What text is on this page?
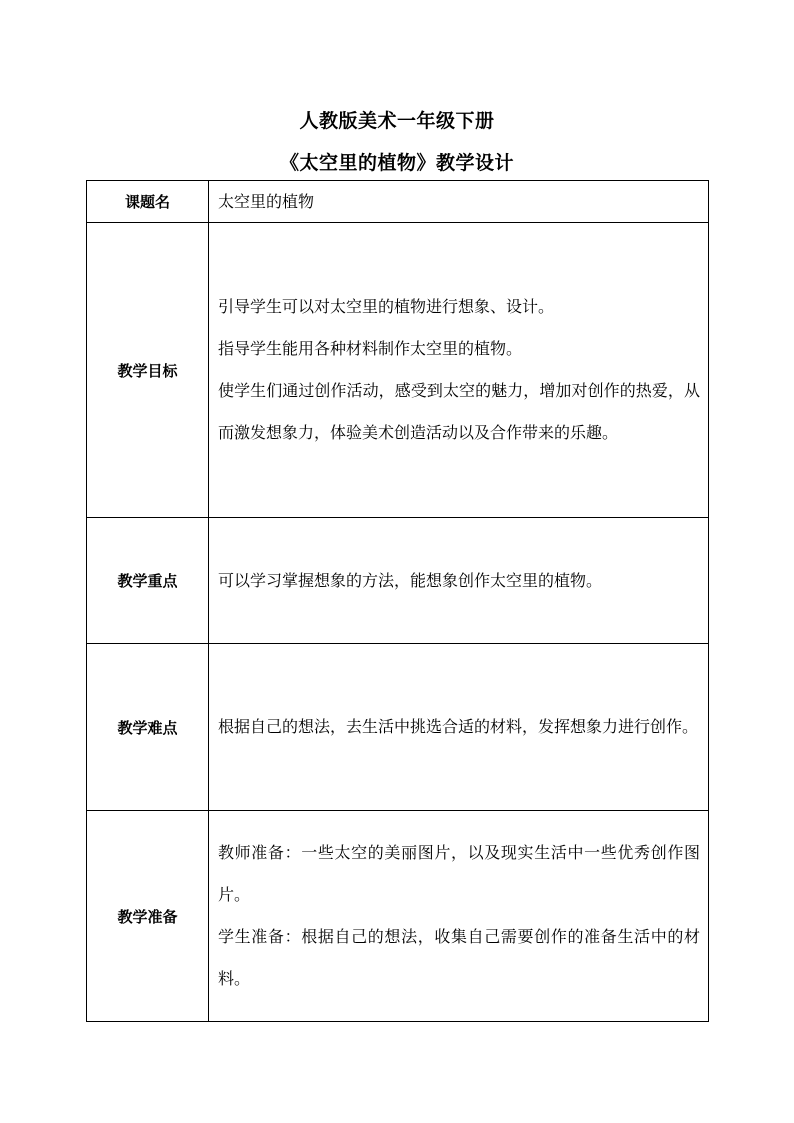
人教版美术一年级下册
《太空里的植物》教学设计
课题名	太空里的植物

教学目标	引导学生可以对太空里的植物进行想象、设计。

指导学生能用各种材料制作太空里的植物。

使学生们通过创作活动，感受到太空的魅力，增加对创作的热爱，从而激发想象力，体验美术创造活动以及合作带来的乐趣。

教学重点	可以学习掌握想象的方法，能想象创作太空里的植物。

教学难点	根据自己的想法，去生活中挑选合适的材料，发挥想象力进行创作。

教学准备	教师准备：一些太空的美丽图片，以及现实生活中一些优秀创作图片。

学生准备：根据自己的想法，收集自己需要创作的准备生活中的材料。
